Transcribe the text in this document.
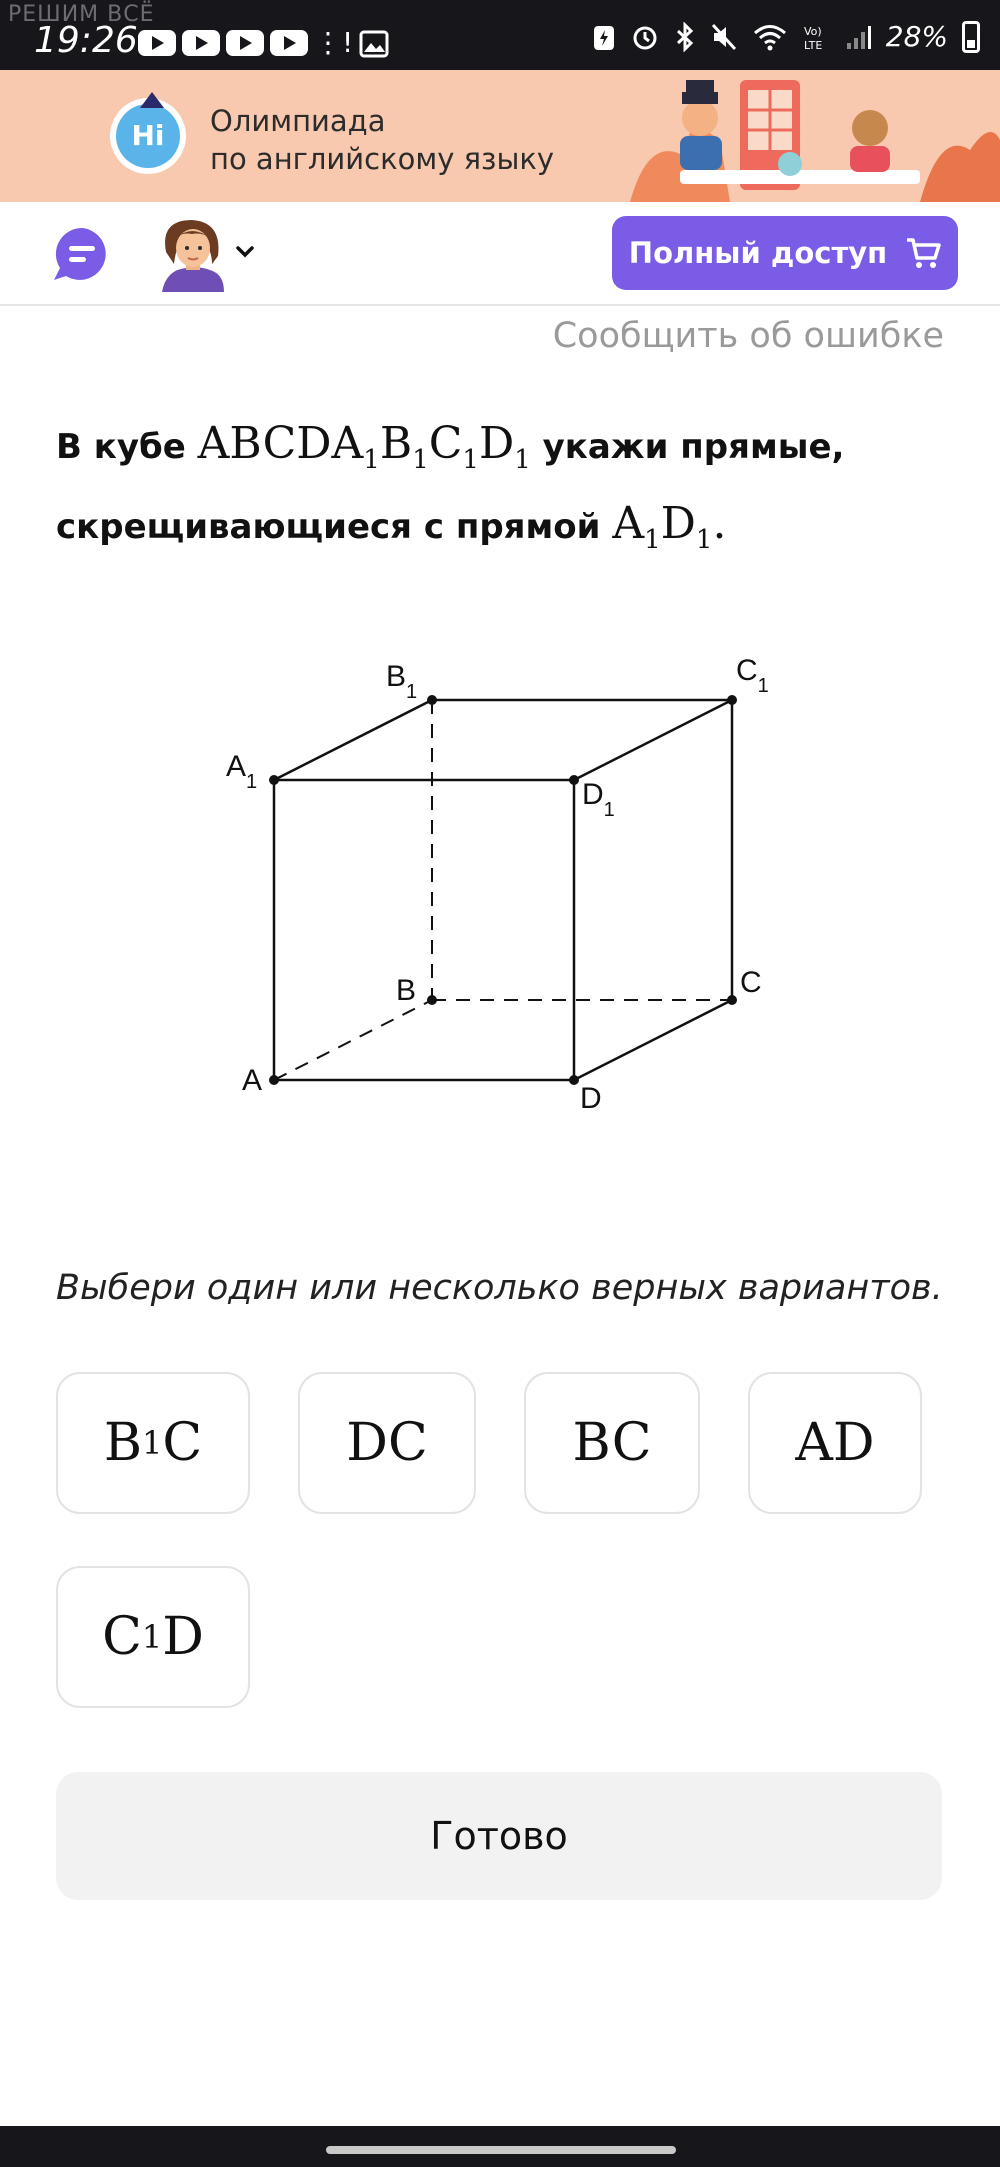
РЕШИМ ВСЁ
19:26	⋮!	Vo)
LTE 28%
Hi	Олимпиада
по английскому языку
Полный доступ
Сообщить об ошибке
В кубе $ABCDA_1B_1C_1D_1$ укажи прямые,
скрещивающиеся с прямой $A_1D_1$.
A
D
B	C
$A_1$	$D_1$
$B_1$
$C_1$
Выбери один или несколько верных вариантов.
B 1 C	DC	BC	AD
C 1 D
Готово
